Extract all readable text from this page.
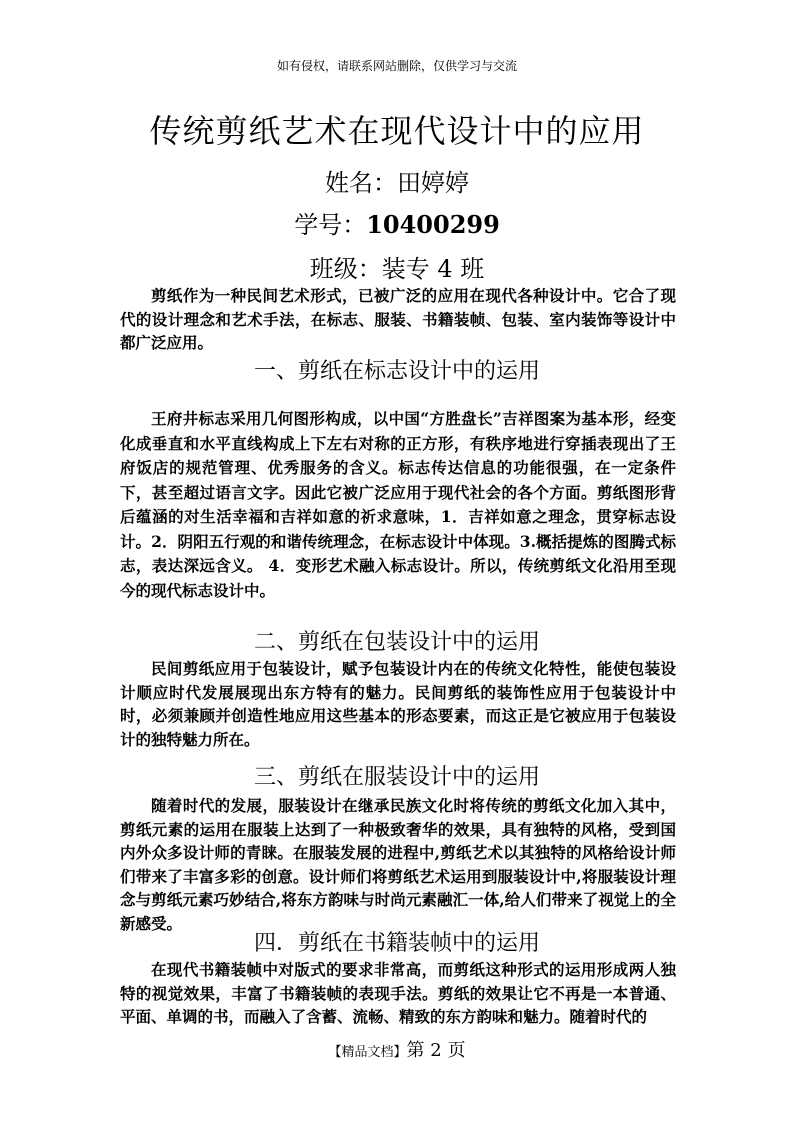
如有侵权，请联系网站删除，仅供学习与交流
传统剪纸艺术在现代设计中的应用
姓名：田婷婷
学号：10400299
班级：装专 4 班

剪纸作为一种民间艺术形式，已被广泛的应用在现代各种设计中。它合了现代的设计理念和艺术手法，在标志、服装、书籍装帧、包装、室内装饰等设计中都广泛应用。

一、剪纸在标志设计中的运用

王府井标志采用几何图形构成，以中国“方胜盘长”吉祥图案为基本形，经变化成垂直和水平直线构成上下左右对称的正方形，有秩序地进行穿插表现出了王府饭店的规范管理、优秀服务的含义。标志传达信息的功能很强，在一定条件下，甚至超过语言文字。因此它被广泛应用于现代社会的各个方面。剪纸图形背后蕴涵的对生活幸福和吉祥如意的祈求意味，1．吉祥如意之理念，贯穿标志设计。2．阴阳五行观的和谐传统理念，在标志设计中体现。3.概括提炼的图腾式标志，表达深远含义。 4．变形艺术融入标志设计。所以，传统剪纸文化沿用至现今的现代标志设计中。

二、剪纸在包装设计中的运用

民间剪纸应用于包装设计，赋予包装设计内在的传统文化特性，能使包装设计顺应时代发展展现出东方特有的魅力。民间剪纸的装饰性应用于包装设计中时，必须兼顾并创造性地应用这些基本的形态要素，而这正是它被应用于包装设计的独特魅力所在。

三、剪纸在服装设计中的运用

随着时代的发展，服装设计在继承民族文化时将传统的剪纸文化加入其中，剪纸元素的运用在服装上达到了一种极致奢华的效果，具有独特的风格，受到国内外众多设计师的青睐。在服装发展的进程中,剪纸艺术以其独特的风格给设计师们带来了丰富多彩的创意。设计师们将剪纸艺术运用到服装设计中,将服装设计理念与剪纸元素巧妙结合,将东方韵味与时尚元素融汇一体,给人们带来了视觉上的全新感受。

四．剪纸在书籍装帧中的运用

在现代书籍装帧中对版式的要求非常高，而剪纸这种形式的运用形成两人独特的视觉效果，丰富了书籍装帧的表现手法。剪纸的效果让它不再是一本普通、平面、单调的书，而融入了含蓄、流畅、精致的东方韵味和魅力。随着时代的

【精品文档】第 2 页
